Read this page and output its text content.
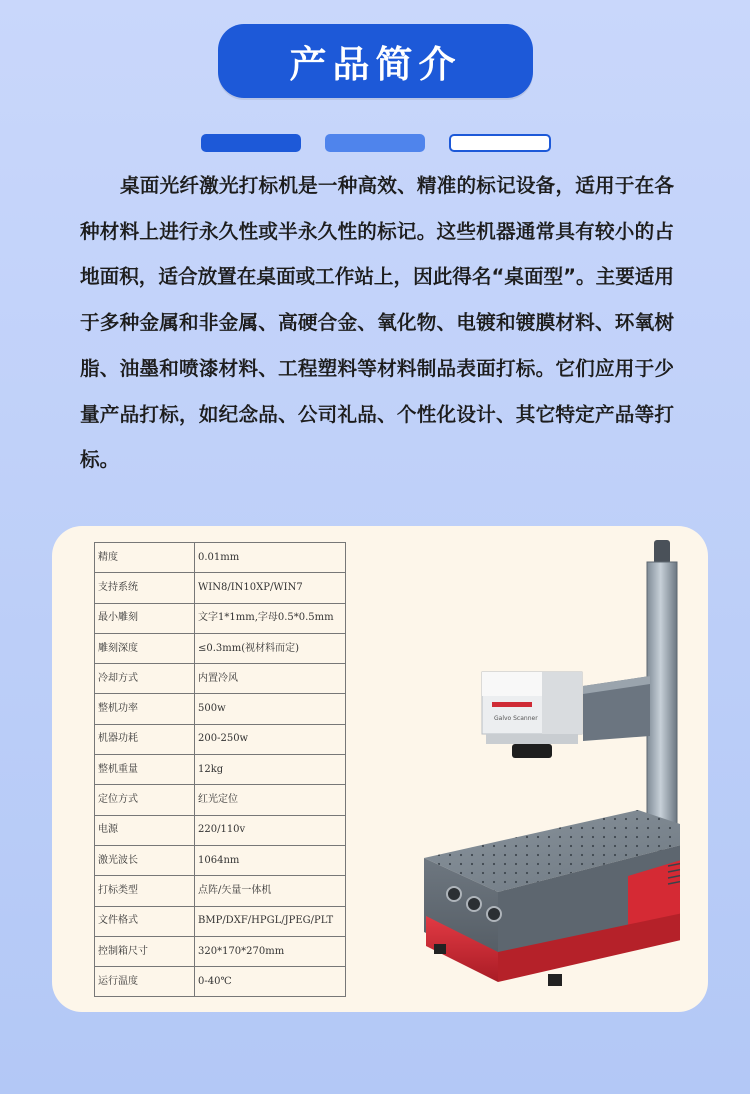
产品简介

桌面光纤激光打标机是一种高效、精准的标记设备，适用于在各种材料上进行永久性或半永久性的标记。这些机器通常具有较小的占地面积，适合放置在桌面或工作站上，因此得名“桌面型”。主要适用于多种金属和非金属、高硬合金、氧化物、电镀和镀膜材料、环氧树脂、油墨和喷漆材料、工程塑料等材料制品表面打标。它们应用于少量产品打标，如纪念品、公司礼品、个性化设计、其它特定产品等打标。

精度	0.01mm
支持系统	WIN8/IN10XP/WIN7
最小雕刻	文字1*1mm,字母0.5*0.5mm
雕刻深度	≤0.3mm(视材料而定)
冷却方式	内置冷风
整机功率	500w
机器功耗	200-250w
整机重量	12kg
定位方式	红光定位
电源	220/110v
激光波长	1064nm
打标类型	点阵/矢量一体机
文件格式	BMP/DXF/HPGL/JPEG/PLT
控制箱尺寸	320*170*270mm
运行温度	0-40℃
Galvo Scanner
